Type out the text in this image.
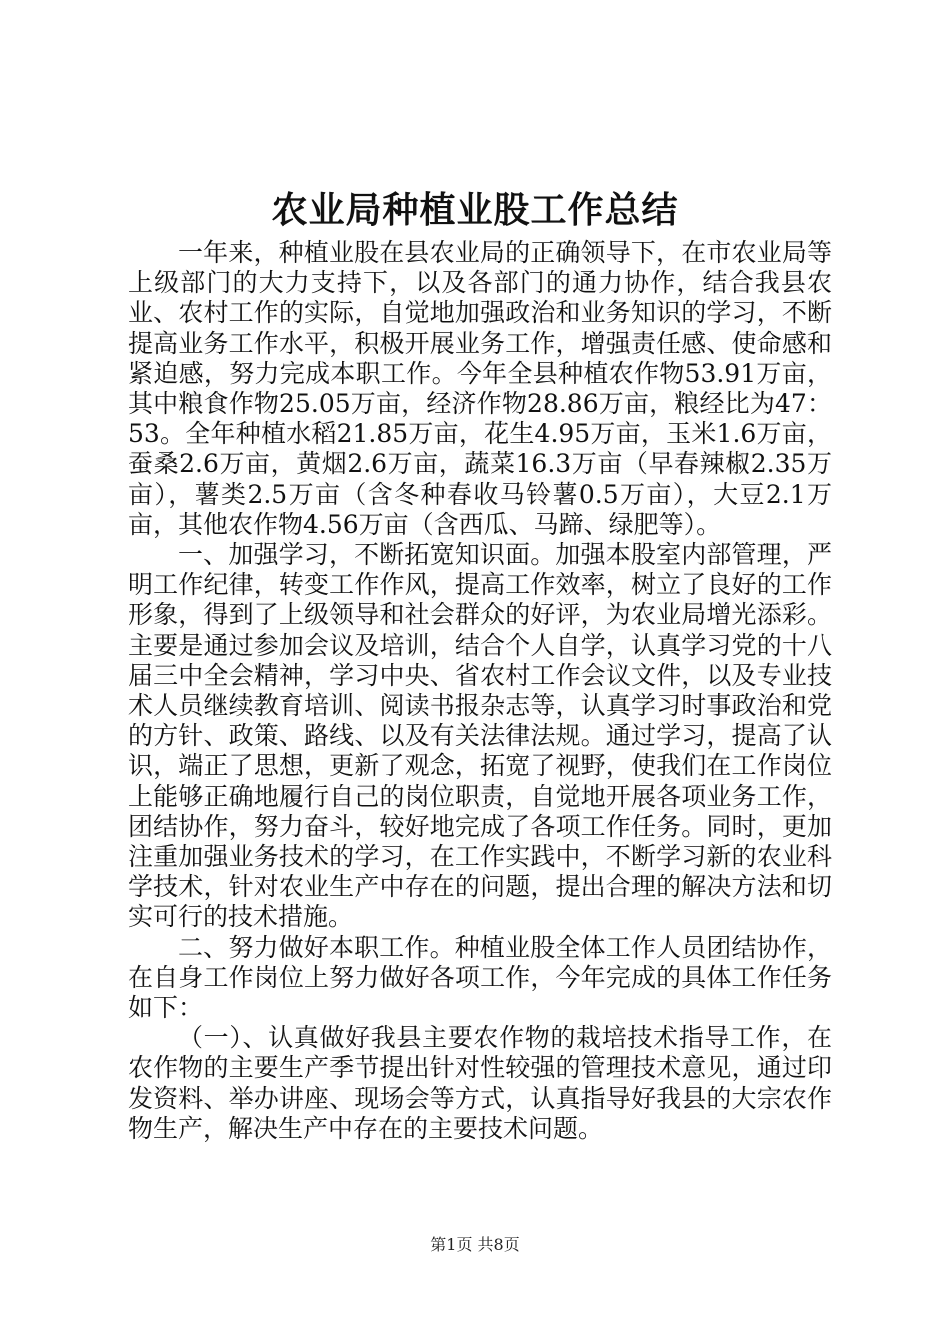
农业局种植业股工作总结

一年来，种植业股在县农业局的正确领导下，在市农业局等上级部门的大力支持下，以及各部门的通力协作，结合我县农业、农村工作的实际，自觉地加强政治和业务知识的学习，不断提高业务工作水平，积极开展业务工作，增强责任感、使命感和紧迫感，努力完成本职工作。今年全县种植农作物53.91万亩，其中粮食作物25.05万亩，经济作物28.86万亩，粮经比为47：53。全年种植水稻21.85万亩，花生4.95万亩，玉米1.6万亩，蚕桑2.6万亩，黄烟2.6万亩，蔬菜16.3万亩（早春辣椒2.35万亩），薯类2.5万亩（含冬种春收马铃薯0.5万亩），大豆2.1万亩，其他农作物4.56万亩（含西瓜、马蹄、绿肥等）。

一、加强学习，不断拓宽知识面。加强本股室内部管理，严明工作纪律，转变工作作风，提高工作效率，树立了良好的工作形象，得到了上级领导和社会群众的好评，为农业局增光添彩。主要是通过参加会议及培训，结合个人自学，认真学习党的十八届三中全会精神，学习中央、省农村工作会议文件，以及专业技术人员继续教育培训、阅读书报杂志等，认真学习时事政治和党的方针、政策、路线、以及有关法律法规。通过学习，提高了认识，端正了思想，更新了观念，拓宽了视野，使我们在工作岗位上能够正确地履行自己的岗位职责，自觉地开展各项业务工作，团结协作，努力奋斗，较好地完成了各项工作任务。同时，更加注重加强业务技术的学习，在工作实践中，不断学习新的农业科学技术，针对农业生产中存在的问题，提出合理的解决方法和切实可行的技术措施。

二、努力做好本职工作。种植业股全体工作人员团结协作，在自身工作岗位上努力做好各项工作，今年完成的具体工作任务如下：

（一）、认真做好我县主要农作物的栽培技术指导工作，在农作物的主要生产季节提出针对性较强的管理技术意见，通过印发资料、举办讲座、现场会等方式，认真指导好我县的大宗农作物生产，解决生产中存在的主要技术问题。

第1页 共8页
